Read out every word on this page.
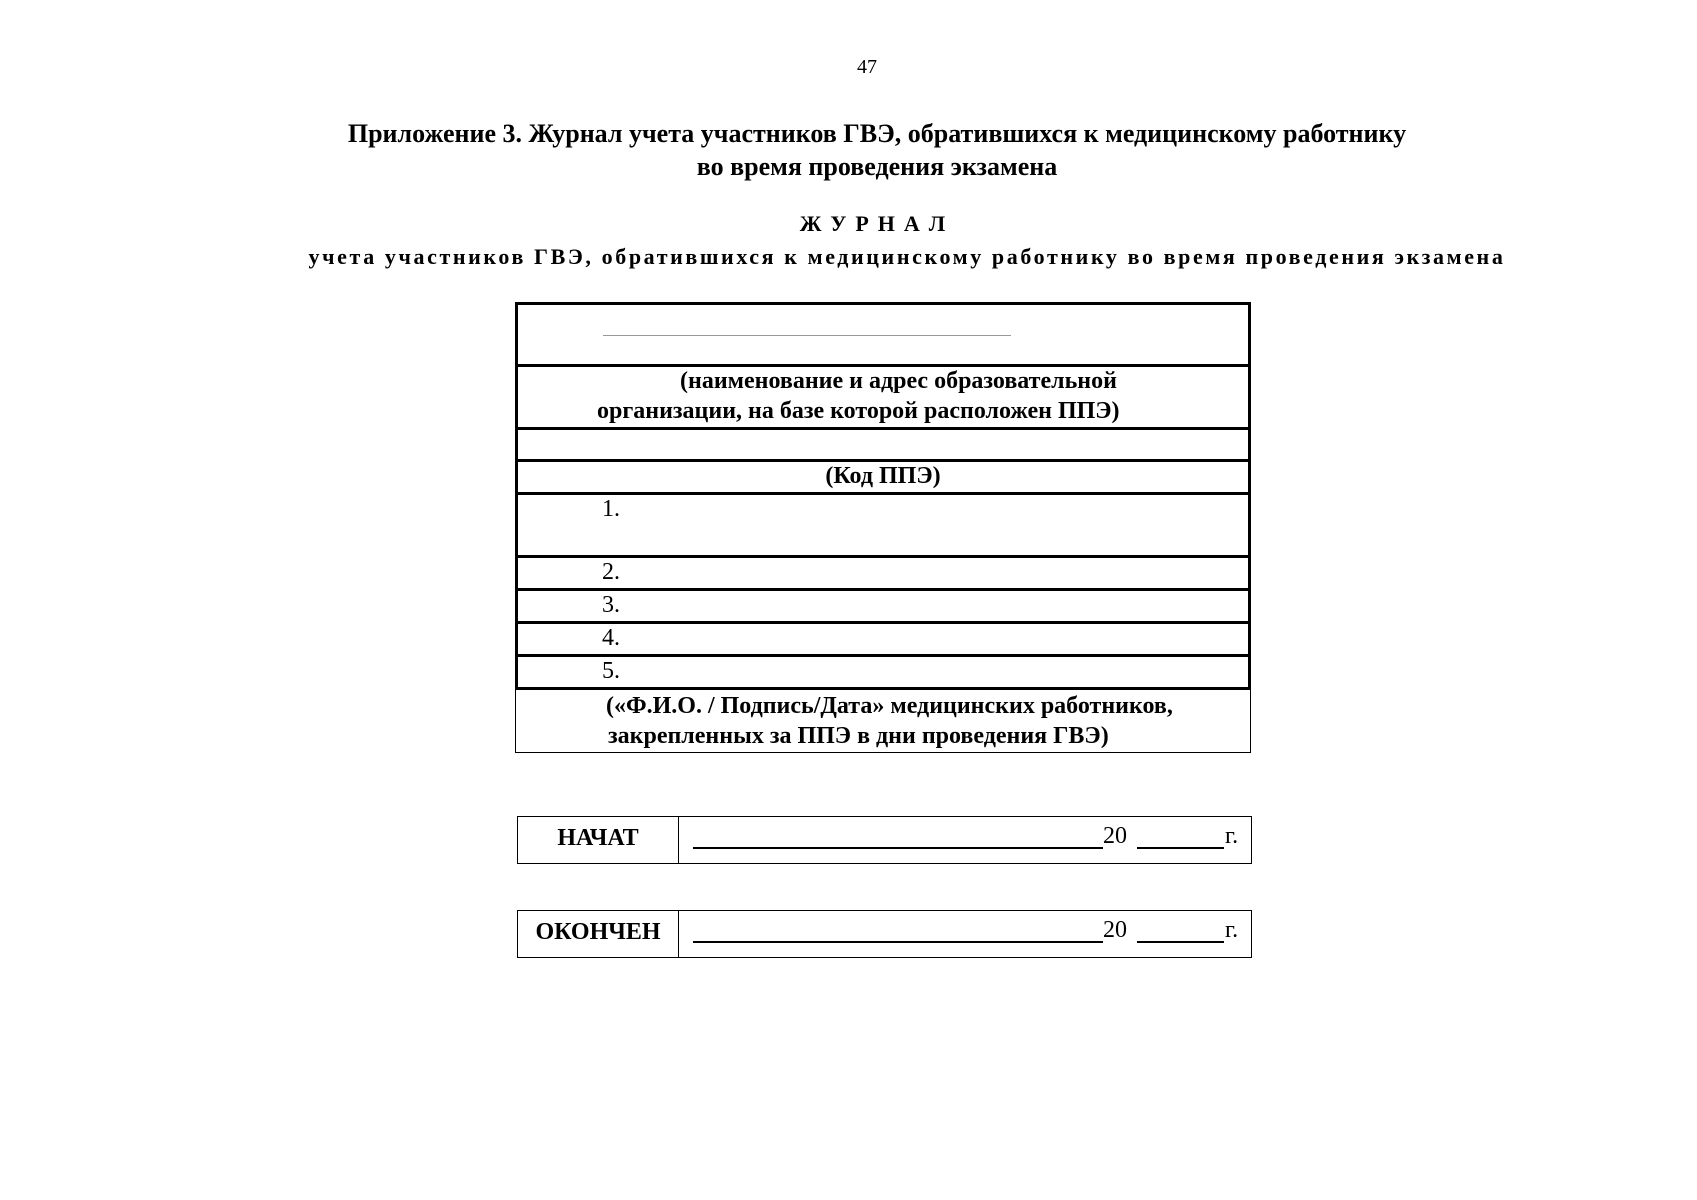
47
Приложение 3. Журнал учета участников ГВЭ, обратившихся к медицинскому работнику
во время проведения экзамена
ЖУРНАЛ
учета участников ГВЭ, обратившихся к медицинскому работнику во время проведения экзамена
(наименование и адрес образовательной
организации, на базе которой расположен ППЭ)
(Код ППЭ)
1.
2.
3.
4.
5.
(«Ф.И.О. / Подпись/Дата» медицинских работников,
закрепленных за ППЭ в дни проведения ГВЭ)
НАЧАТ	20	г.
ОКОНЧЕН	20	г.
